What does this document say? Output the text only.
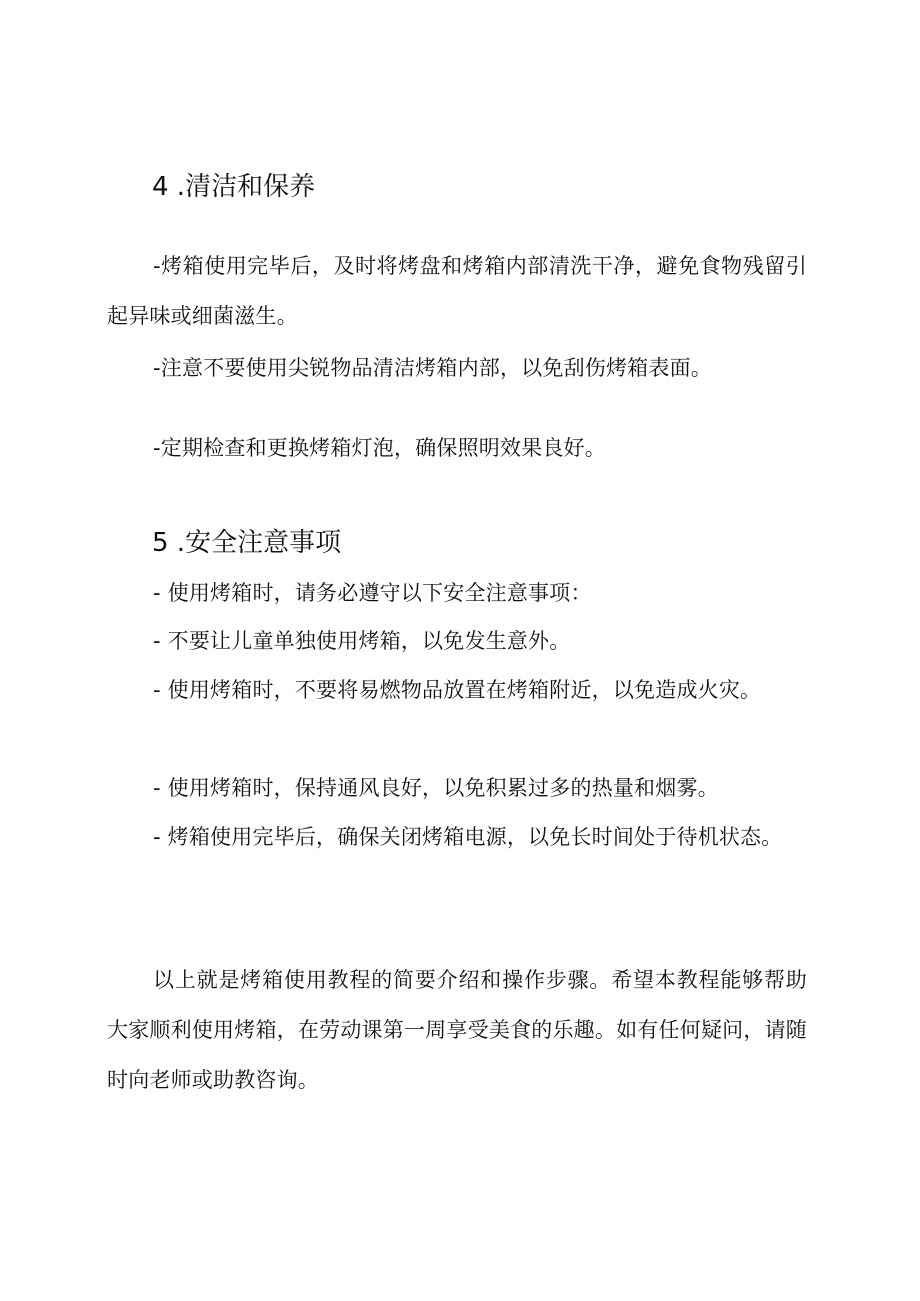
4 .清洁和保养

-烤箱使用完毕后，及时将烤盘和烤箱内部清洗干净，避免食物残留引起异味或细菌滋生。

-注意不要使用尖锐物品清洁烤箱内部，以免刮伤烤箱表面。

-定期检查和更换烤箱灯泡，确保照明效果良好。

5 .安全注意事项

- 使用烤箱时，请务必遵守以下安全注意事项：

- 不要让儿童单独使用烤箱，以免发生意外。

- 使用烤箱时，不要将易燃物品放置在烤箱附近，以免造成火灾。

- 使用烤箱时，保持通风良好，以免积累过多的热量和烟雾。

- 烤箱使用完毕后，确保关闭烤箱电源，以免长时间处于待机状态。

以上就是烤箱使用教程的简要介绍和操作步骤。希望本教程能够帮助大家顺利使用烤箱，在劳动课第一周享受美食的乐趣。如有任何疑问，请随时向老师或助教咨询。
